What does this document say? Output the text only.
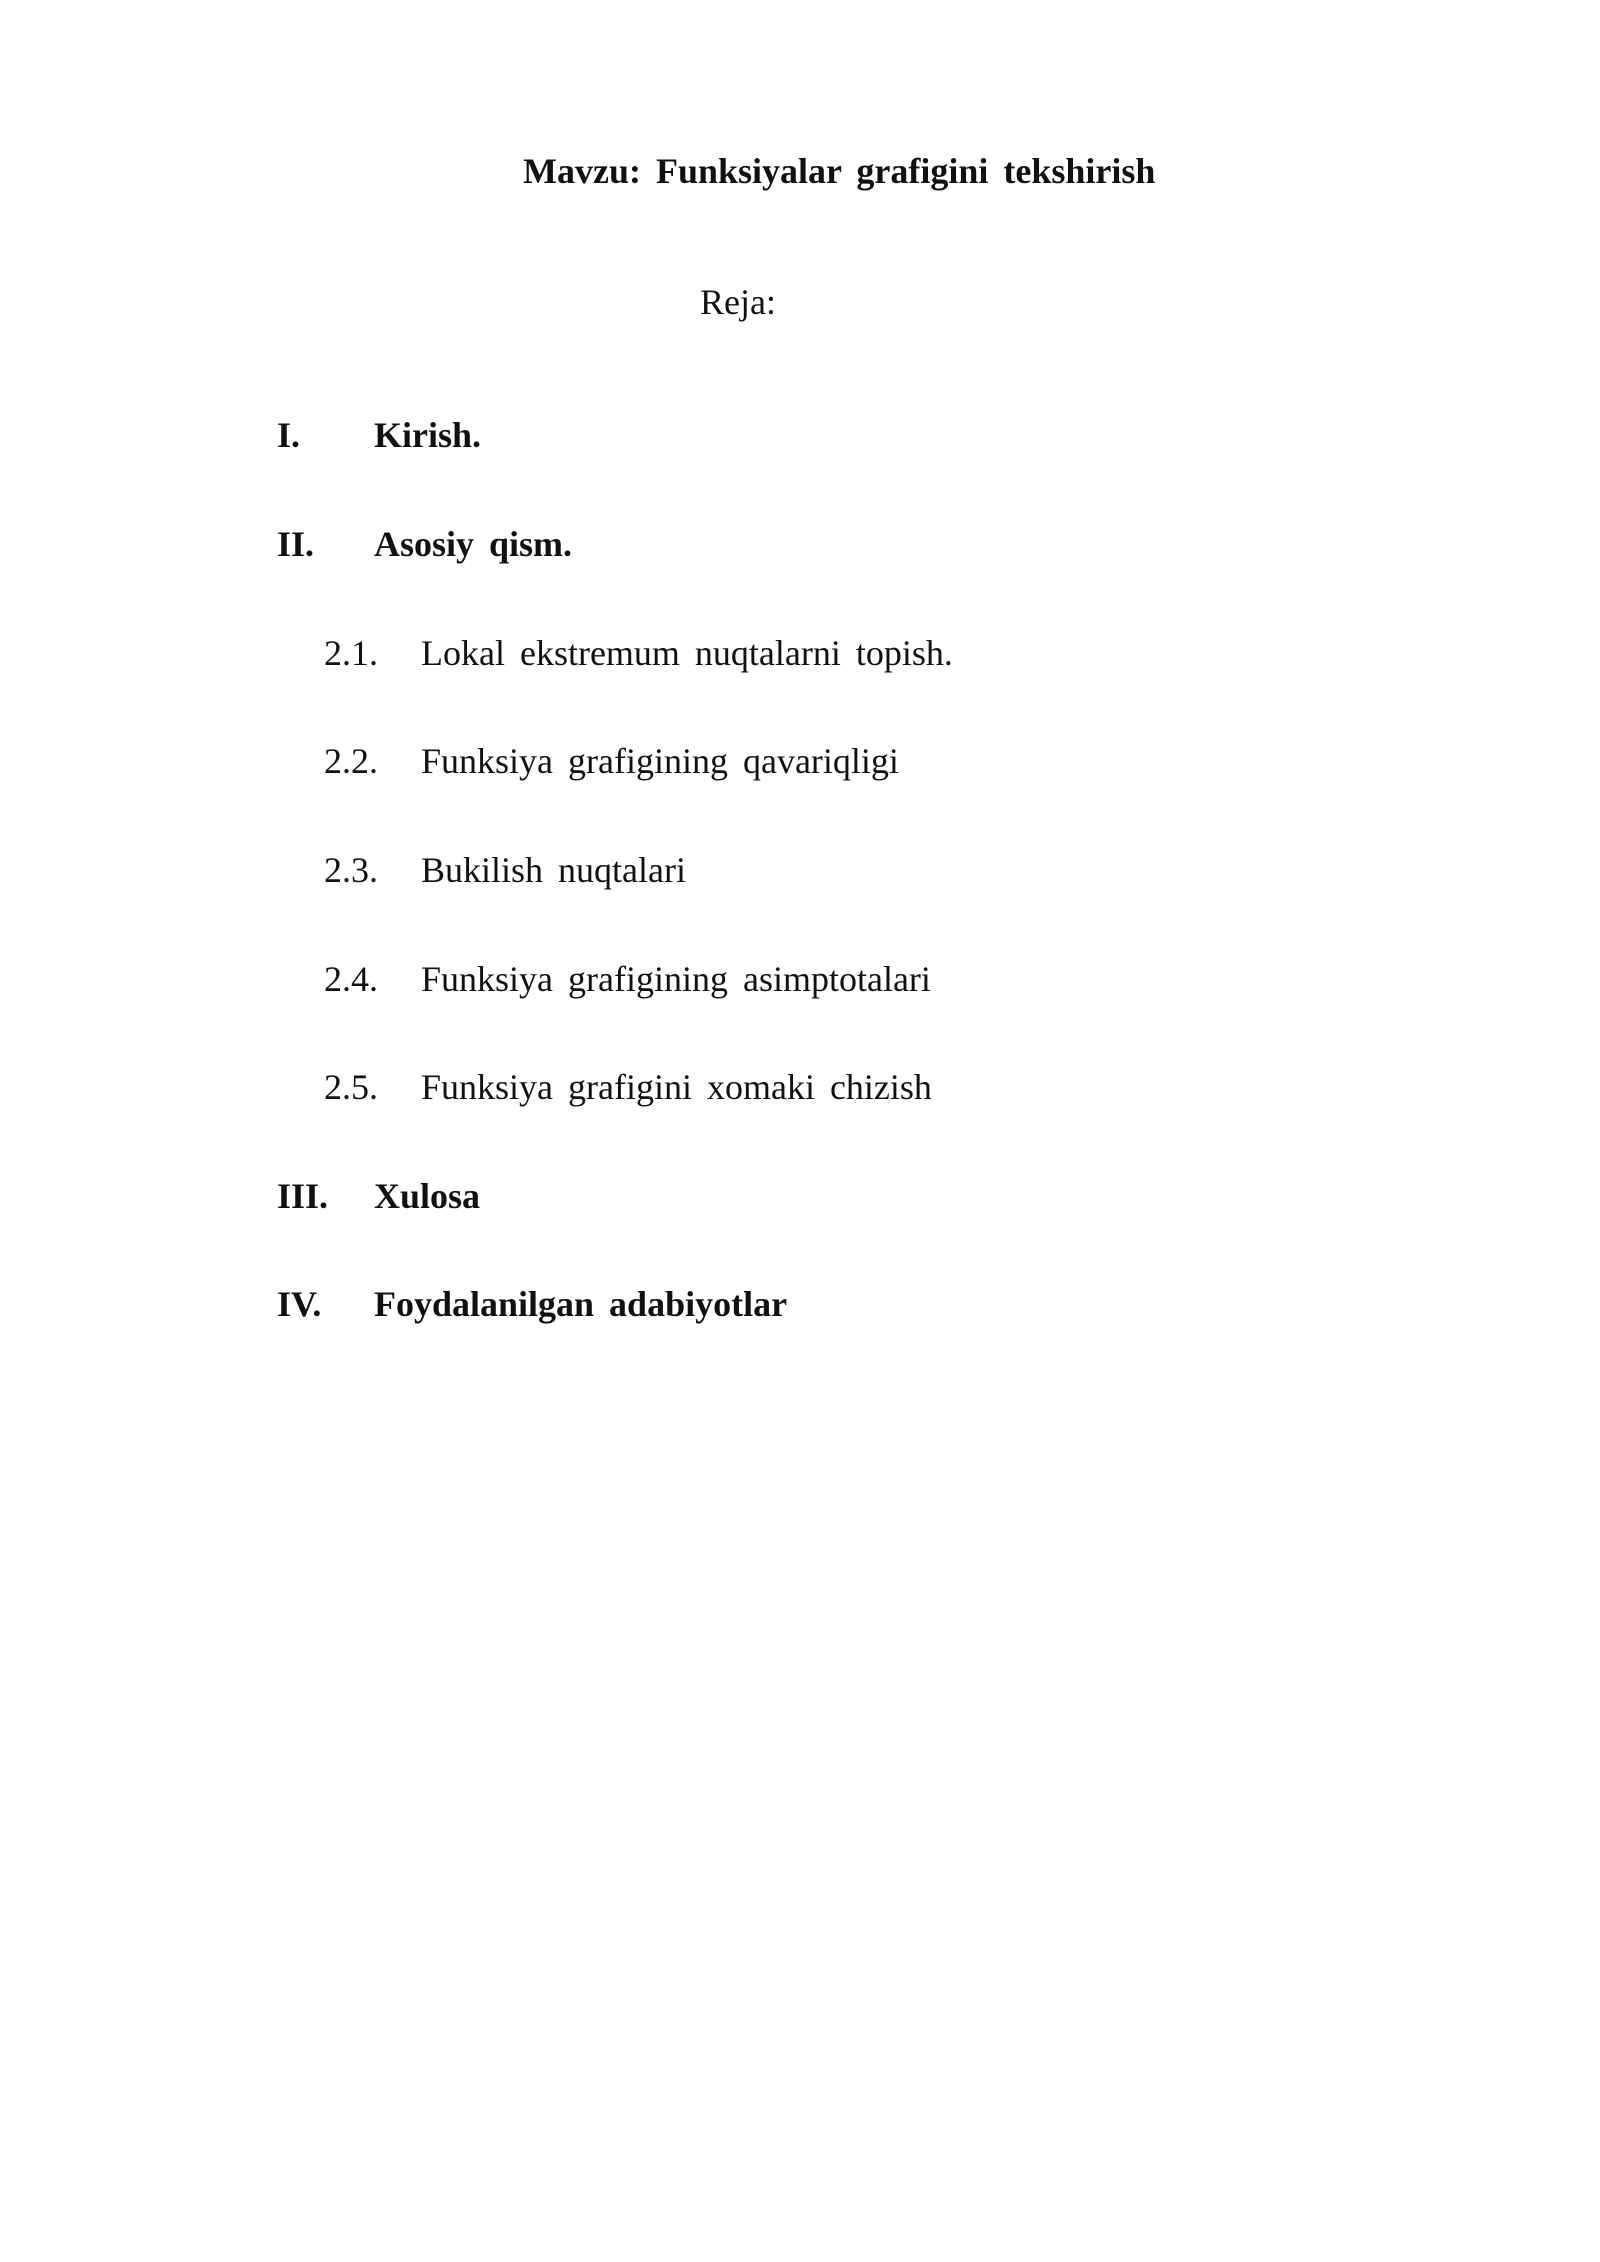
Mavzu: Funksiyalar grafigini tekshirish
Reja:
I. Kirish.
II. Asosiy qism.
2.1. Lokal ekstremum nuqtalarni topish.
2.2. Funksiya grafigining qavariqligi
2.3. Bukilish nuqtalari
2.4. Funksiya grafigining asimptotalari
2.5. Funksiya grafigini xomaki chizish
III. Xulosa
IV. Foydalanilgan adabiyotlar
